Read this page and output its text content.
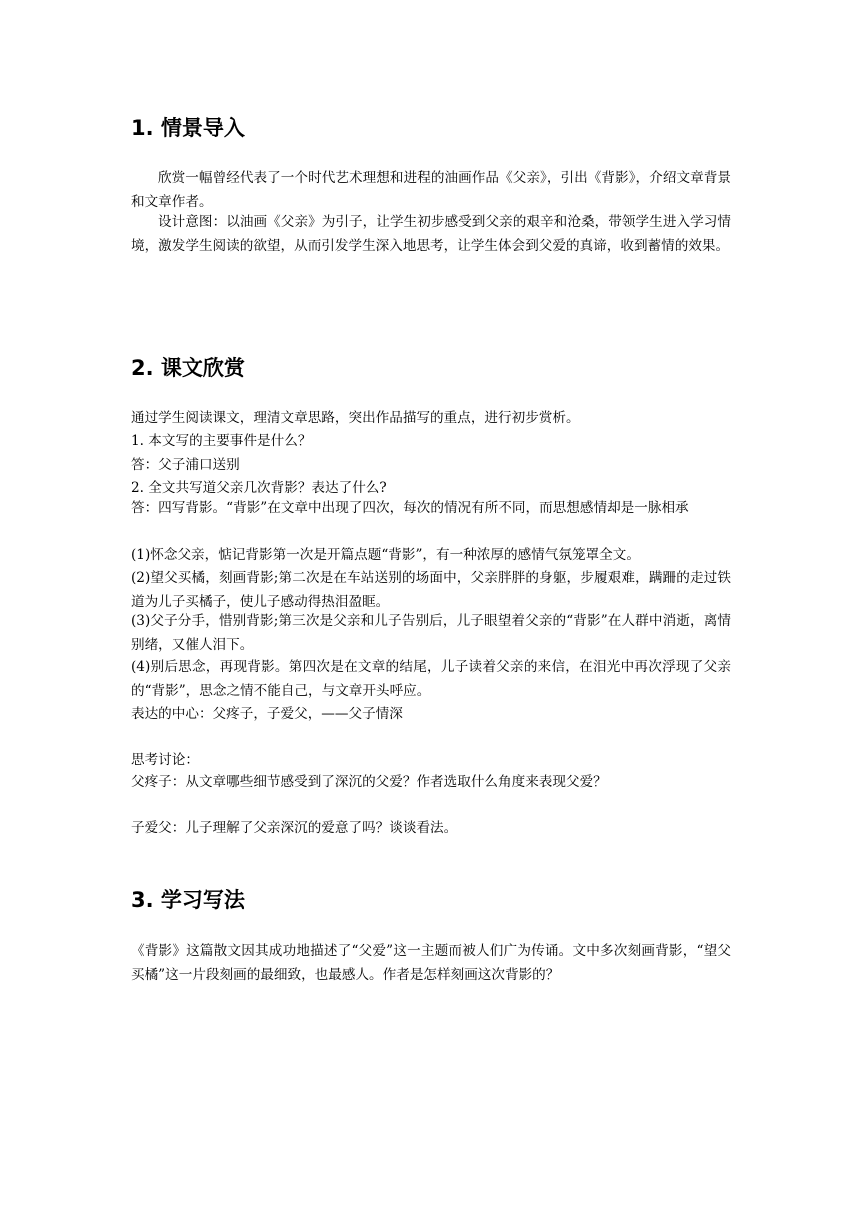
1. 情景导入
欣赏一幅曾经代表了一个时代艺术理想和进程的油画作品《父亲》，引出《背影》，介绍文章背景和文章作者。
设计意图：以油画《父亲》为引子，让学生初步感受到父亲的艰辛和沧桑，带领学生进入学习情境，激发学生阅读的欲望，从而引发学生深入地思考，让学生体会到父爱的真谛，收到蓄情的效果。
2. 课文欣赏
通过学生阅读课文，理清文章思路，突出作品描写的重点，进行初步赏析。
1. 本文写的主要事件是什么？
答：父子浦口送别
2. 全文共写道父亲几次背影？表达了什么?
答：四写背影。“背影”在文章中出现了四次，每次的情况有所不同，而思想感情却是一脉相承
(1)怀念父亲，惦记背影第一次是开篇点题“背影”，有一种浓厚的感情气氛笼罩全文。
(2)望父买橘，刻画背影;第二次是在车站送别的场面中，父亲胖胖的身躯，步履艰难，蹒跚的走过铁道为儿子买橘子，使儿子感动得热泪盈眶。
(3)父子分手，惜别背影;第三次是父亲和儿子告别后，儿子眼望着父亲的“背影”在人群中消逝，离情别绪，又催人泪下。
(4)别后思念，再现背影。第四次是在文章的结尾，儿子读着父亲的来信，在泪光中再次浮现了父亲的“背影”，思念之情不能自己，与文章开头呼应。
表达的中心：父疼子，子爱父，——父子情深
思考讨论：
父疼子：从文章哪些细节感受到了深沉的父爱？作者选取什么角度来表现父爱？
子爱父：儿子理解了父亲深沉的爱意了吗？谈谈看法。
3. 学习写法
《背影》这篇散文因其成功地描述了“父爱”这一主题而被人们广为传诵。文中多次刻画背影，“望父买橘”这一片段刻画的最细致，也最感人。作者是怎样刻画这次背影的？
